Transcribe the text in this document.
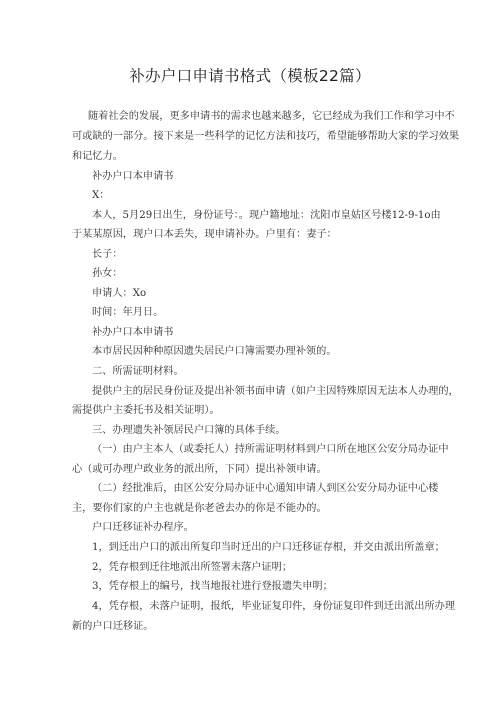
补办户口申请书格式（模板22篇）
随着社会的发展，更多申请书的需求也越来越多，它已经成为我们工作和学习中不
可或缺的一部分。接下来是一些科学的记忆方法和技巧，希望能够帮助大家的学习效果
和记忆力。
补办户口本申请书
X：
本人，5月29日出生，身份证号：。现户籍地址：沈阳市皇姑区号楼12-9-1o由
于某某原因，现户口本丢失，现申请补办。户里有：妻子：
长子：
孙女：
申请人：Xo
时间：年月日。
补办户口本申请书
本市居民因种种原因遗失居民户口簿需要办理补领的。
二、所需证明材料。
提供户主的居民身份证及提出补领书面申请（如户主因特殊原因无法本人办理的，
需提供户主委托书及相关证明）。
三、办理遗失补领居民户口簿的具体手续。
（一）由户主本人（或委托人）持所需证明材料到户口所在地区公安分局办证中
心（或可办理户政业务的派出所，下同）提出补领申请。
（二）经批准后，由区公安分局办证中心通知申请人到区公安分局办证中心楼
主，要你们家的户主也就是你老爸去办的你是不能办的。
户口迁移证补办程序。
1，到迁出户口的派出所复印当时迁出的户口迁移证存根，并交由派出所盖章；
2，凭存根到迁往地派出所签署未落户证明；
3，凭存根上的编号，找当地报社进行登报遗失申明；
4，凭存根，未落户证明，报纸，毕业证复印件，身份证复印件到迁出派出所办理
新的户口迁移证。
